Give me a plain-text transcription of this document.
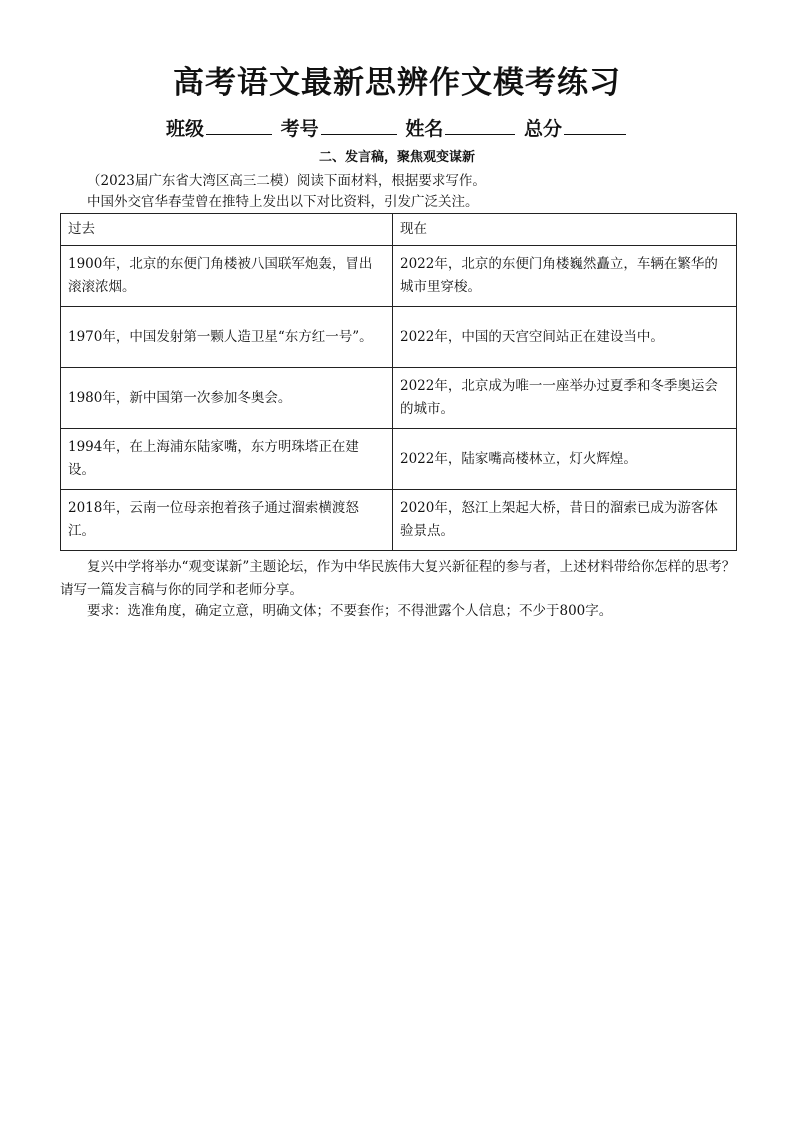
高考语文最新思辨作文模考练习
班级	考号	姓名	总分
二、发言稿，聚焦观变谋新
（2023届广东省大湾区高三二模）阅读下面材料，根据要求写作。
中国外交官华春莹曾在推特上发出以下对比资料，引发广泛关注。
过去	现在
1900年，北京的东便门角楼被八国联军炮轰，冒出滚滚浓烟。	2022年，北京的东便门角楼巍然矗立，车辆在繁华的城市里穿梭。
1970年，中国发射第一颗人造卫星“东方红一号”。	2022年，中国的天宫空间站正在建设当中。
1980年，新中国第一次参加冬奥会。	2022年，北京成为唯一一座举办过夏季和冬季奥运会的城市。
1994年，在上海浦东陆家嘴，东方明珠塔正在建设。	2022年，陆家嘴高楼林立，灯火辉煌。
2018年，云南一位母亲抱着孩子通过溜索横渡怒江。	2020年，怒江上架起大桥，昔日的溜索已成为游客体验景点。
复兴中学将举办“观变谋新”主题论坛，作为中华民族伟大复兴新征程的参与者，上述材料带给你怎样的思考？请写一篇发言稿与你的同学和老师分享。
要求：选准角度，确定立意，明确文体；不要套作；不得泄露个人信息；不少于800字。
